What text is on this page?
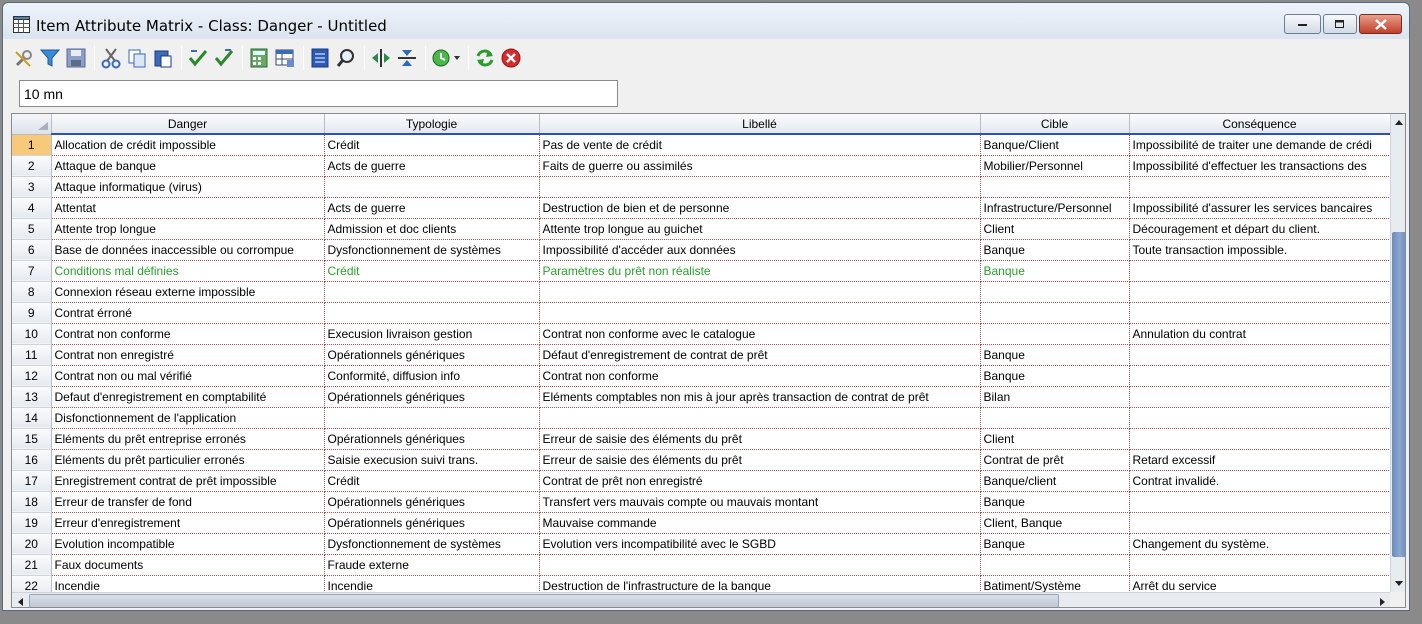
Item Attribute Matrix - Class: Danger - Untitled
10 mn
	Danger	Typologie	Libellé	Cible	Conséquence
1	Allocation de crédit impossible	Crédit	Pas de vente de crédit	Banque/Client	Impossibilité de traiter une demande de crédi
2	Attaque de banque	Acts de guerre	Faits de guerre ou assimilés	Mobilier/Personnel	Impossibilité d'effectuer les transactions des
3	Attaque informatique (virus)				
4	Attentat	Acts de guerre	Destruction de bien et de personne	Infrastructure/Personnel	Impossibilité d'assurer les services bancaires
5	Attente trop longue	Admission et doc clients	Attente trop longue au guichet	Client	Découragement et départ du client.
6	Base de données inaccessible ou corrompue	Dysfonctionnement de systèmes	Impossibilité d'accéder aux données	Banque	Toute transaction impossible.
7	Conditions mal définies	Crédit	Paramètres du prêt non réaliste	Banque	
8	Connexion réseau externe impossible				
9	Contrat érroné				
10	Contrat non conforme	Execusion livraison gestion	Contrat non conforme avec le catalogue		Annulation du contrat
11	Contrat non enregistré	Opérationnels génériques	Défaut d'enregistrement de contrat de prêt	Banque	
12	Contrat non ou mal vérifié	Conformité, diffusion info	Contrat non conforme	Banque	
13	Defaut d'enregistrement en comptabilité	Opérationnels génériques	Eléments comptables non mis à jour après transaction de contrat de prêt	Bilan	
14	Disfonctionnement de l'application				
15	Eléments du prêt entreprise erronés	Opérationnels génériques	Erreur de saisie des éléments du prêt	Client	
16	Eléments du prêt particulier erronés	Saisie execusion suivi trans.	Erreur de saisie des éléments du prêt	Contrat de prêt	Retard excessif
17	Enregistrement contrat de prêt impossible	Crédit	Contrat de prêt non enregistré	Banque/client	Contrat invalidé.
18	Erreur de transfer de fond	Opérationnels génériques	Transfert vers mauvais compte ou mauvais montant	Banque	
19	Erreur d'enregistrement	Opérationnels génériques	Mauvaise commande	Client, Banque	
20	Evolution incompatible	Dysfonctionnement de systèmes	Evolution vers incompatibilité avec le SGBD	Banque	Changement du système.
21	Faux documents	Fraude externe			
22	Incendie	Incendie	Destruction de l'infrastructure de la banque	Batiment/Système	Arrêt du service
